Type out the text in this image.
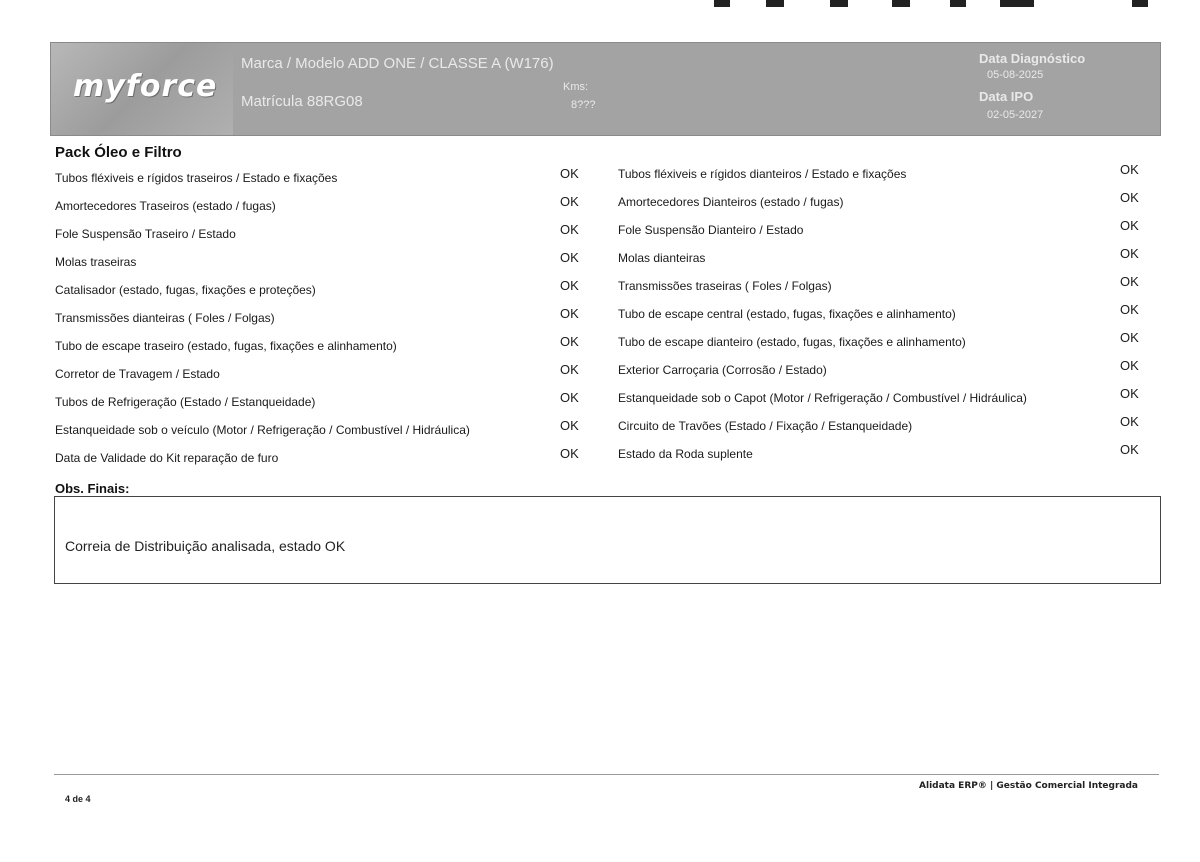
myforce
Marca / Modelo ADD ONE / CLASSE A (W176)
Matrícula 88RG08
Kms:
8???
Data Diagnóstico
05-08-2025
Data IPO
02-05-2027
Pack Óleo e Filtro
Tubos fléxiveis e rígidos traseiros / Estado e fixações	OK
Amortecedores Traseiros (estado / fugas)	OK
Fole Suspensão Traseiro / Estado	OK
Molas traseiras	OK
Catalisador (estado, fugas, fixações e proteções)	OK
Transmissões dianteiras ( Foles / Folgas)	OK
Tubo de escape traseiro (estado, fugas, fixações e alinhamento)	OK
Corretor de Travagem / Estado	OK
Tubos de Refrigeração (Estado / Estanqueidade)	OK
Estanqueidade sob o veículo (Motor / Refrigeração / Combustível / Hidráulica)	OK
Data de Validade do Kit reparação de furo	OK
Tubos fléxiveis e rígidos dianteiros / Estado e fixações	OK
Amortecedores Dianteiros (estado / fugas)	OK
Fole Suspensão Dianteiro / Estado	OK
Molas dianteiras	OK
Transmissões traseiras ( Foles / Folgas)	OK
Tubo de escape central (estado, fugas, fixações e alinhamento)	OK
Tubo de escape dianteiro (estado, fugas, fixações e alinhamento)	OK
Exterior Carroçaria (Corrosão / Estado)	OK
Estanqueidade sob o Capot (Motor / Refrigeração / Combustível / Hidráulica)	OK
Circuito de Travões (Estado / Fixação / Estanqueidade)	OK
Estado da Roda suplente	OK
Obs. Finais:
Correia de Distribuição analisada, estado OK
4 de 4
Alidata ERP® | Gestão Comercial Integrada
